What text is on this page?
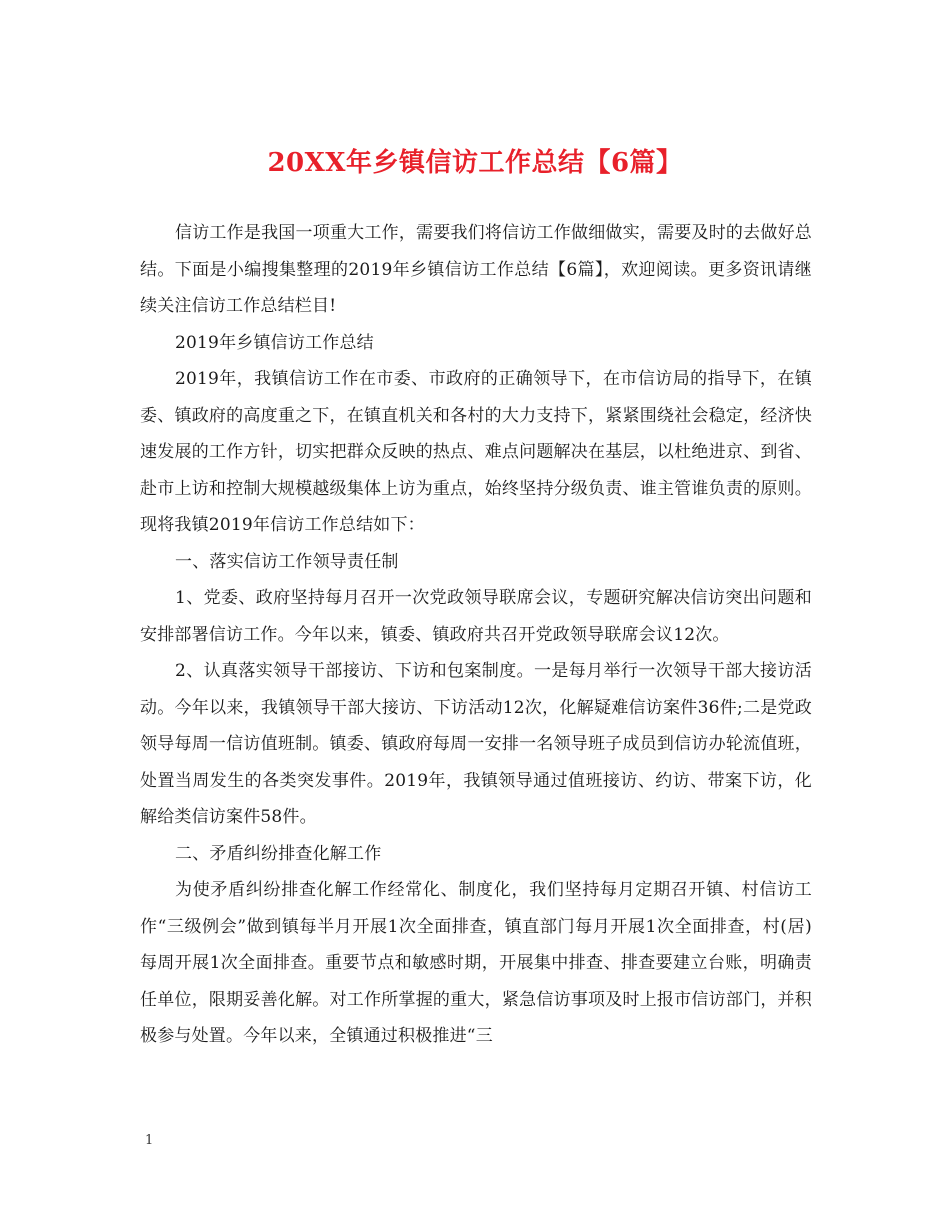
20XX年乡镇信访工作总结【6篇】

信访工作是我国一项重大工作，需要我们将信访工作做细做实，需要及时的去做好总结。下面是小编搜集整理的2019年乡镇信访工作总结【6篇】，欢迎阅读。更多资讯请继续关注信访工作总结栏目!

2019年乡镇信访工作总结

2019年，我镇信访工作在市委、市政府的正确领导下，在市信访局的指导下，在镇委、镇政府的高度重之下，在镇直机关和各村的大力支持下，紧紧围绕社会稳定，经济快速发展的工作方针，切实把群众反映的热点、难点问题解决在基层，以杜绝进京、到省、赴市上访和控制大规模越级集体上访为重点，始终坚持分级负责、谁主管谁负责的原则。现将我镇2019年信访工作总结如下：

一、落实信访工作领导责任制

1、党委、政府坚持每月召开一次党政领导联席会议，专题研究解决信访突出问题和安排部署信访工作。今年以来，镇委、镇政府共召开党政领导联席会议12次。

2、认真落实领导干部接访、下访和包案制度。一是每月举行一次领导干部大接访活动。今年以来，我镇领导干部大接访、下访活动12次，化解疑难信访案件36件;二是党政领导每周一信访值班制。镇委、镇政府每周一安排一名领导班子成员到信访办轮流值班，处置当周发生的各类突发事件。2019年，我镇领导通过值班接访、约访、带案下访，化解给类信访案件58件。

二、矛盾纠纷排查化解工作

为使矛盾纠纷排查化解工作经常化、制度化，我们坚持每月定期召开镇、村信访工作“三级例会”做到镇每半月开展1次全面排查，镇直部门每月开展1次全面排查，村(居)每周开展1次全面排查。重要节点和敏感时期，开展集中排查、排查要建立台账，明确责任单位，限期妥善化解。对工作所掌握的重大，紧急信访事项及时上报市信访部门，并积极参与处置。今年以来，全镇通过积极推进“三

1
